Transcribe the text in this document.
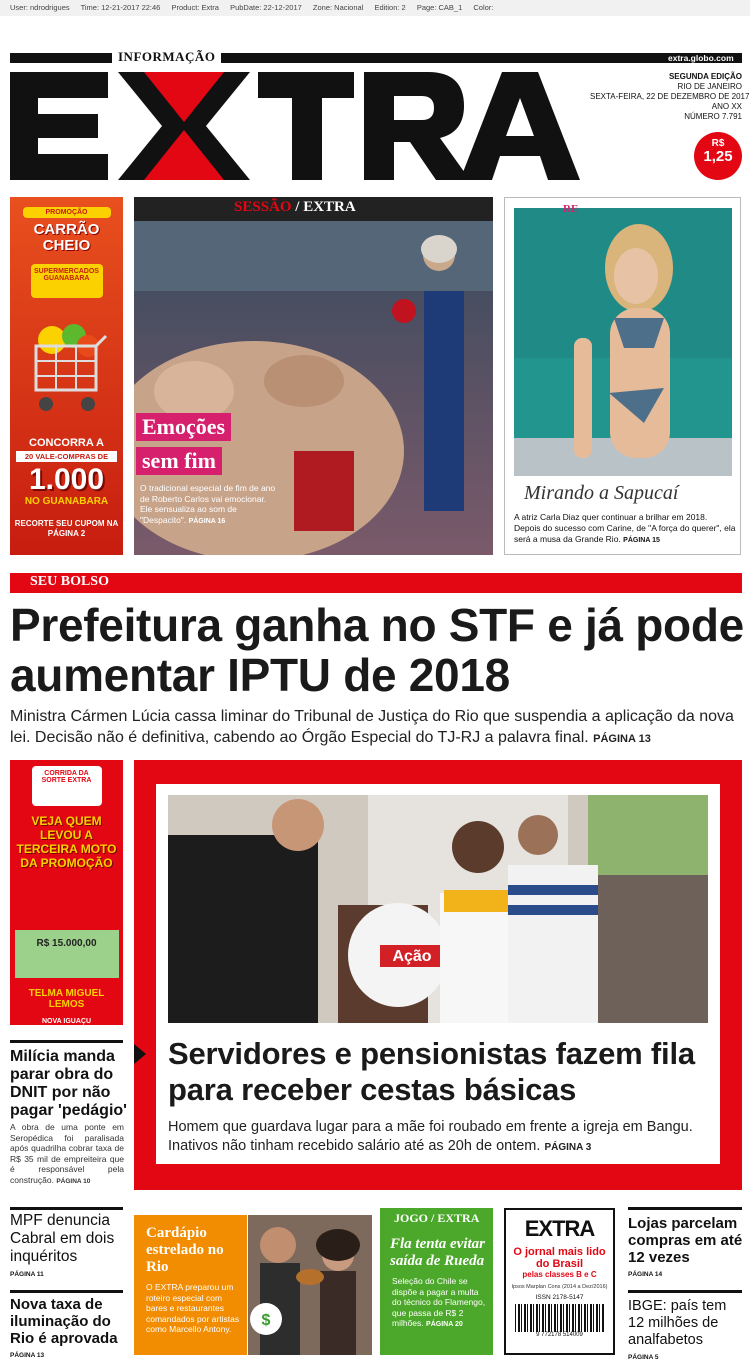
User: ndrodrigues Time: 12-21-2017 22:46 Product: Extra PubDate: 22-12-2017 Zone: Nacional Edition: 2 Page: CAB_1 Color:
INFORMAÇÃO	extra.globo.com
SEGUNDA EDIÇÃO
RIO DE JANEIRO
SEXTA-FEIRA, 22 DE DEZEMBRO DE 2017
ANO XX
NÚMERO 7.791
R$
1,25
PROMOÇÃO
CARRÃO CHEIO
SUPERMERCADOS GUANABARA
CONCORRA A
20 VALE-COMPRAS DE
1.000
NO GUANABARA
RECORTE SEU CUPOM NA PÁGINA 2
SESSÃO / EXTRA
Emoções
sem fim
O tradicional especial de fim de ano de Roberto Carlos vai emocionar. Ele sensualiza ao som de "Despacito". PÁGINA 16
RE
Mirando a Sapucaí
A atriz Carla Diaz quer continuar a brilhar em 2018. Depois do sucesso com Carine, de "A força do querer", ela será a musa da Grande Rio. PÁGINA 15
SEU BOLSO
Prefeitura ganha no STF e já pode aumentar IPTU de 2018
Ministra Cármen Lúcia cassa liminar do Tribunal de Justiça do Rio que suspendia a aplicação da nova lei. Decisão não é definitiva, cabendo ao Órgão Especial do TJ-RJ a palavra final. PÁGINA 13
CORRIDA DA SORTE EXTRA
VEJA QUEM LEVOU A TERCEIRA MOTO DA PROMOÇÃO
R$ 15.000,00
TELMA MIGUEL LEMOS
NOVA IGUAÇU
Ação
Servidores e pensionistas fazem fila para receber cestas básicas
Homem que guardava lugar para a mãe foi roubado em frente a igreja em Bangu. Inativos não tinham recebido salário até as 20h de ontem. PÁGINA 3
Milícia manda parar obra do DNIT por não pagar 'pedágio'
A obra de uma ponte em Seropédica foi paralisada após quadrilha cobrar taxa de R$ 35 mil de empreiteira que é responsável pela construção. PÁGINA 10
MPF denuncia Cabral em dois inquéritos
PÁGINA 11
Nova taxa de iluminação do Rio é aprovada
PÁGINA 13
Cardápio estrelado no Rio
O EXTRA preparou um roteiro especial com bares e restaurantes comandados por artistas como Marcello Antony.	$
JOGO / EXTRA
Fla tenta evitar saída de Rueda
Seleção do Chile se dispõe a pagar a multa do técnico do Flamengo, que passa de R$ 2 milhões. PÁGINA 20
EXTRA
O jornal mais lido do Brasil
pelas classes B e C
Ipsos Marplan Cons (2014 a Dez/2016)
ISSN 2178-5147
9 772178 514009
Lojas parcelam compras em até 12 vezes
PÁGINA 14
IBGE: país tem 12 milhões de analfabetos
PÁGINA 5
